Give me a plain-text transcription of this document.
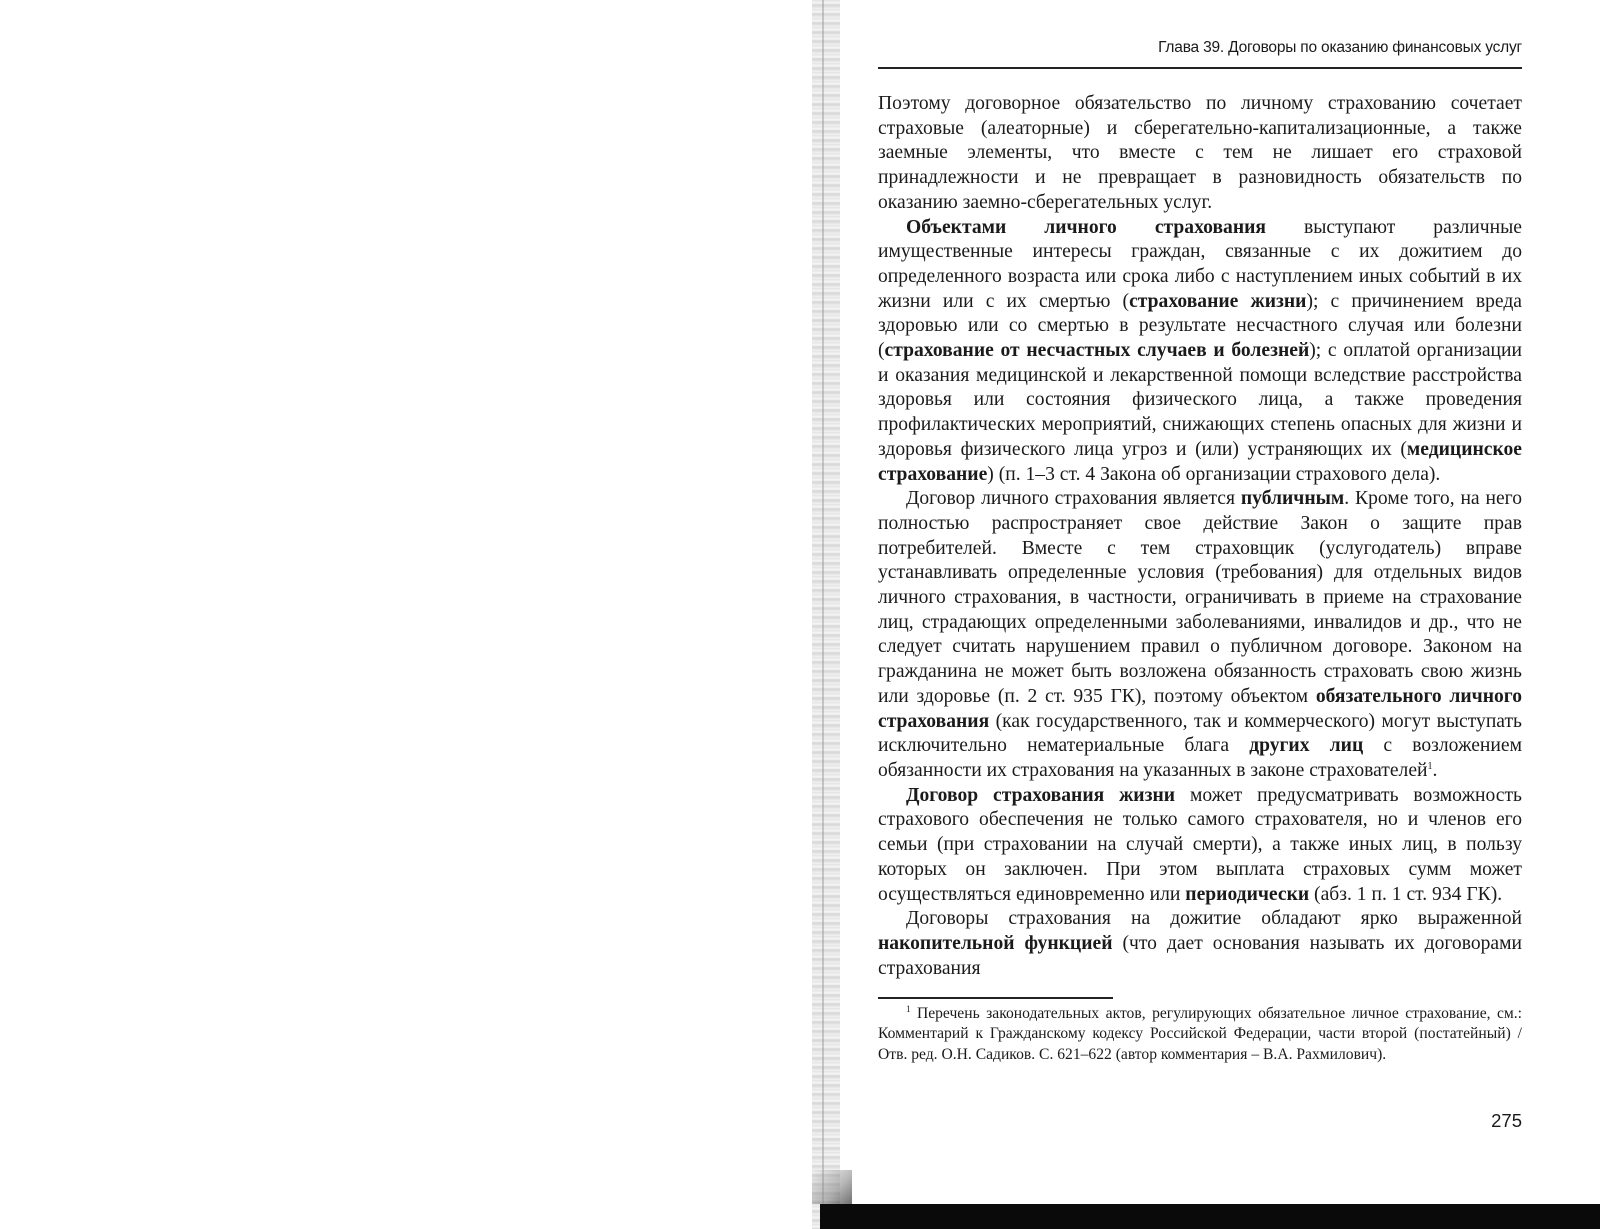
Глава 39. Договоры по оказанию финансовых услуг

Поэтому договорное обязательство по личному страхованию сочетает страховые (алеаторные) и сберегательно-капитализационные, а также заемные элементы, что вместе с тем не лишает его страховой принадлежности и не превращает в разновидность обязательств по оказанию заемно-сберегательных услуг.

Объектами личного страхования выступают различные имущественные интересы граждан, связанные с их дожитием до определенного возраста или срока либо с наступлением иных событий в их жизни или с их смертью (страхование жизни); с причинением вреда здоровью или со смертью в результате несчастного случая или болезни (страхование от несчастных случаев и болезней); с оплатой организации и оказания медицинской и лекарственной помощи вследствие расстройства здоровья или состояния физического лица, а также проведения профилактических мероприятий, снижающих степень опасных для жизни и здоровья физического лица угроз и (или) устраняющих их (медицинское страхование) (п. 1–3 ст. 4 Закона об организации страхового дела).

Договор личного страхования является публичным. Кроме того, на него полностью распространяет свое действие Закон о защите прав потребителей. Вместе с тем страховщик (услугодатель) вправе устанавливать определенные условия (требования) для отдельных видов личного страхования, в частности, ограничивать в приеме на страхование лиц, страдающих определенными заболеваниями, инвалидов и др., что не следует считать нарушением правил о публичном договоре. Законом на гражданина не может быть возложена обязанность страховать свою жизнь или здоровье (п. 2 ст. 935 ГК), поэтому объектом обязательного личного страхования (как государственного, так и коммерческого) могут выступать исключительно нематериальные блага других лиц с возложением обязанности их страхования на указанных в законе страхователей$^1$.

Договор страхования жизни может предусматривать возможность страхового обеспечения не только самого страхователя, но и членов его семьи (при страховании на случай смерти), а также иных лиц, в пользу которых он заключен. При этом выплата страховых сумм может осуществляться единовременно или периодически (абз. 1 п. 1 ст. 934 ГК).

Договоры страхования на дожитие обладают ярко выраженной накопительной функцией (что дает основания называть их договорами страхования

$^1$ Перечень законодательных актов, регулирующих обязательное личное страхование, см.: Комментарий к Гражданскому кодексу Российской Федерации, части второй (постатейный) / Отв. ред. О.Н. Садиков. С. 621–622 (автор комментария – В.А. Рахмилович).

275
